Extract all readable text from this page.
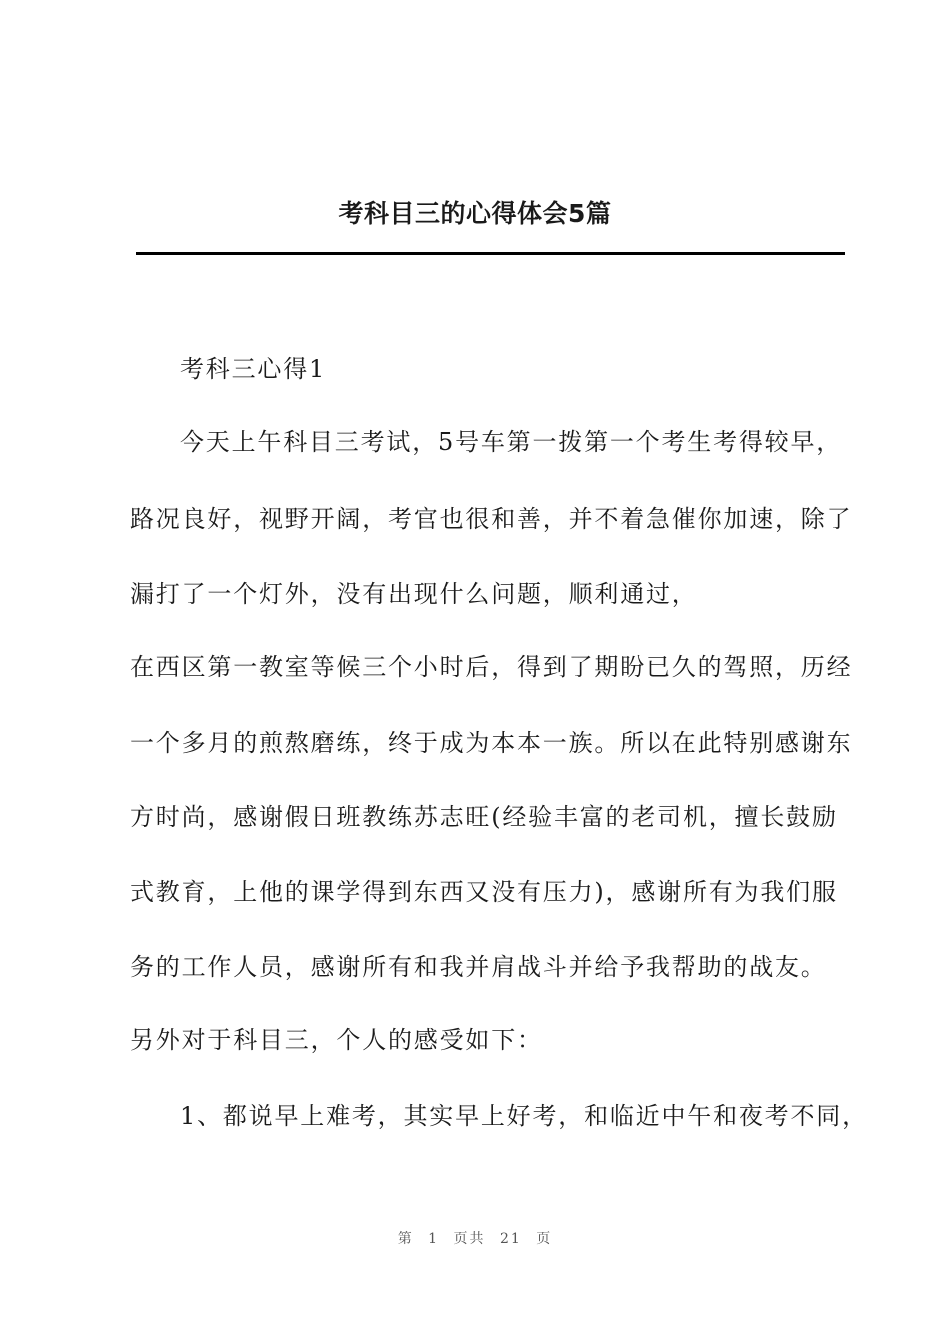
考科目三的心得体会5篇
考科三心得1
今天上午科目三考试，5号车第一拨第一个考生考得较早，
路况良好，视野开阔，考官也很和善，并不着急催你加速，除了
漏打了一个灯外，没有出现什么问题，顺利通过，
在西区第一教室等候三个小时后，得到了期盼已久的驾照，历经
一个多月的煎熬磨练，终于成为本本一族。所以在此特别感谢东
方时尚，感谢假日班教练苏志旺(经验丰富的老司机，擅长鼓励
式教育，上他的课学得到东西又没有压力)，感谢所有为我们服
务的工作人员，感谢所有和我并肩战斗并给予我帮助的战友。
另外对于科目三，个人的感受如下：
1、都说早上难考，其实早上好考，和临近中午和夜考不同，
第 1 页共 21 页
